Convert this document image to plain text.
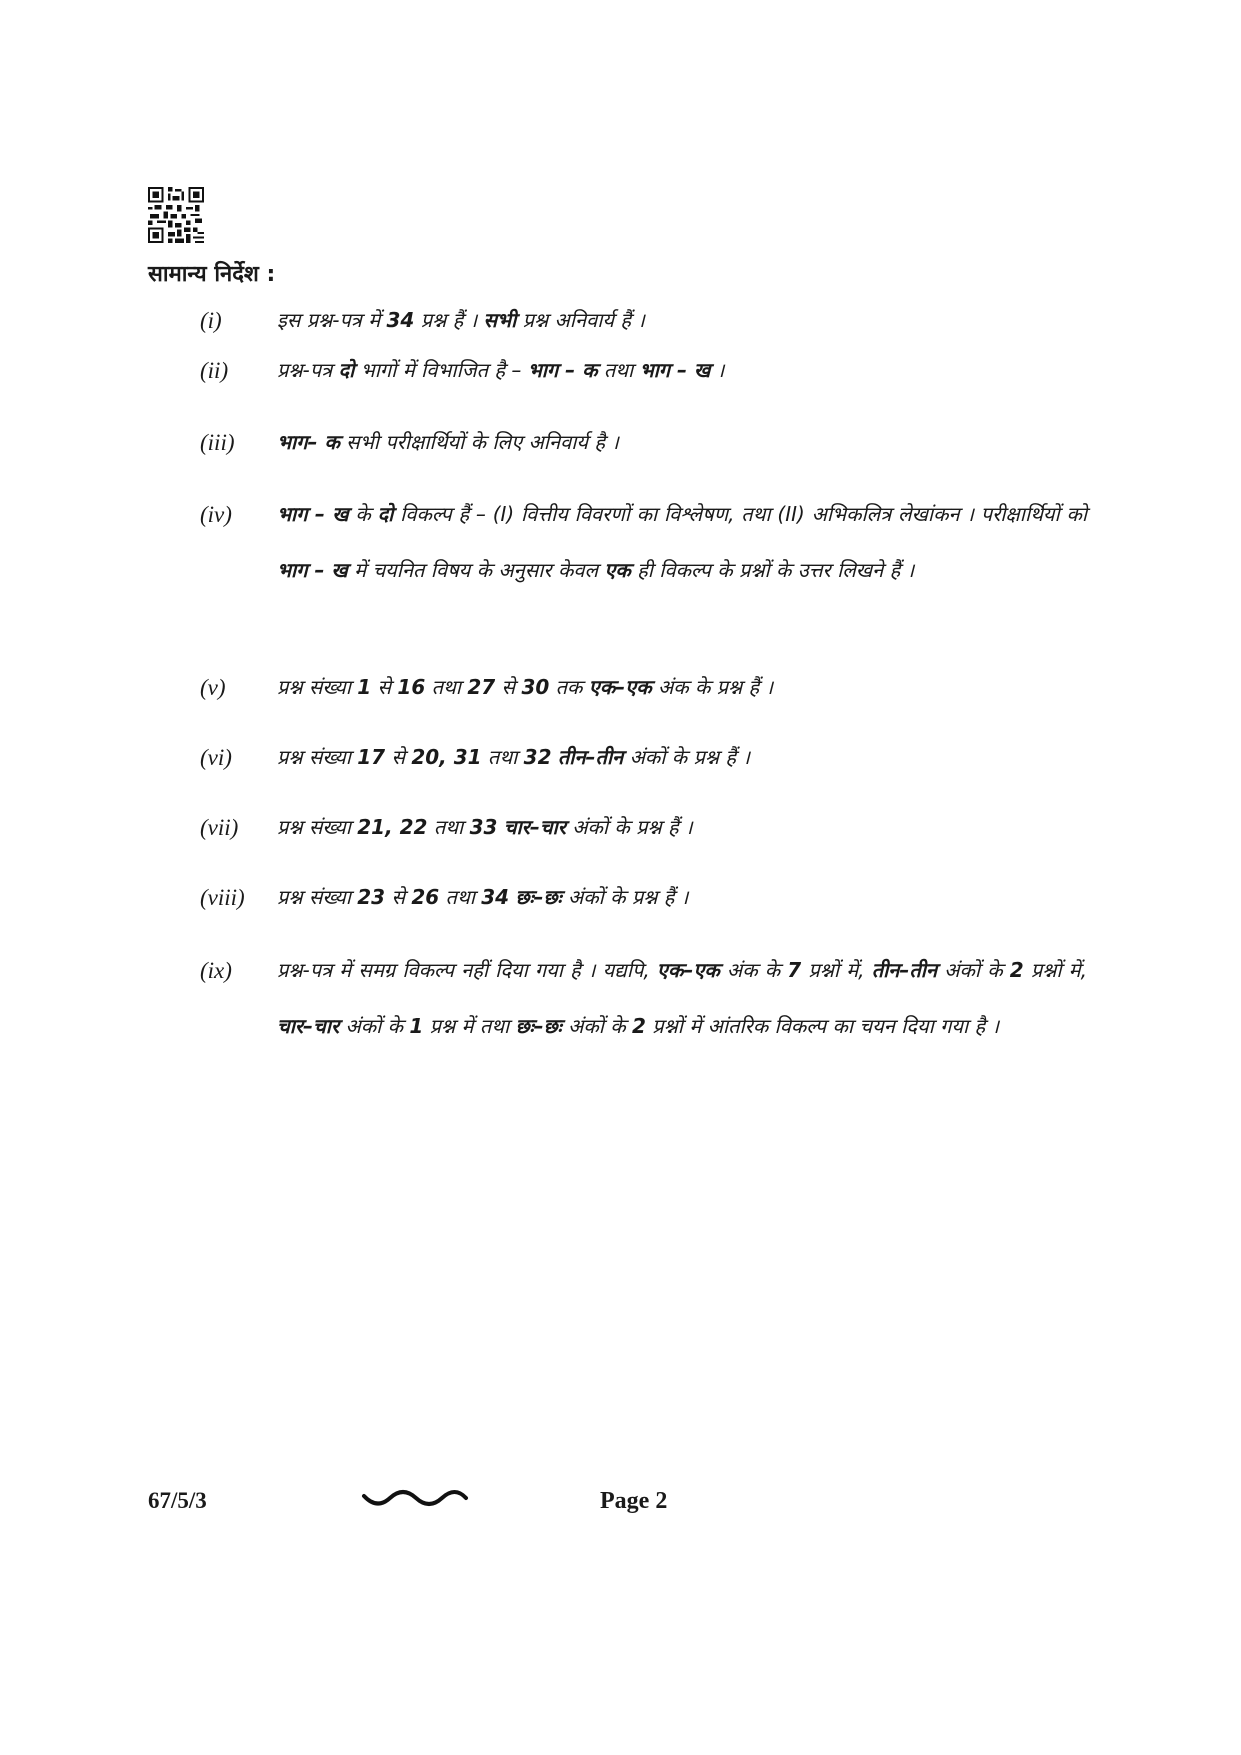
सामान्य निर्देश :
(i)	इस प्रश्न-पत्र में 34 प्रश्न हैं । सभी प्रश्न अनिवार्य हैं ।
(ii) प्रश्न-पत्र दो भागों में विभाजित है – भाग – क तथा भाग – ख ।
(iii) भाग– क सभी परीक्षार्थियों के लिए अनिवार्य है ।
(iv) भाग – ख के दो विकल्प हैं – (I) वित्तीय विवरणों का विश्लेषण, तथा (II) अभिकलित्र लेखांकन । परीक्षार्थियों को भाग – ख में चयनित विषय के अनुसार केवल एक ही विकल्प के प्रश्नों के उत्तर लिखने हैं ।
(v)	प्रश्न संख्या 1 से 16 तथा 27 से 30 तक एक–एक अंक के प्रश्न हैं ।
(vi) प्रश्न संख्या 17 से 20, 31 तथा 32 तीन–तीन अंकों के प्रश्न हैं ।
(vii) प्रश्न संख्या 21, 22 तथा 33 चार–चार अंकों के प्रश्न हैं ।
(viii) प्रश्न संख्या 23 से 26 तथा 34 छः–छः अंकों के प्रश्न हैं ।
(ix) प्रश्न-पत्र में समग्र विकल्प नहीं दिया गया है । यद्यपि, एक–एक अंक के 7 प्रश्नों में, तीन–तीन अंकों के 2 प्रश्नों में, चार–चार अंकों के 1 प्रश्न में तथा छः–छः अंकों के 2 प्रश्नों में आंतरिक विकल्प का चयन दिया गया है ।
67/5/3	Page 2
